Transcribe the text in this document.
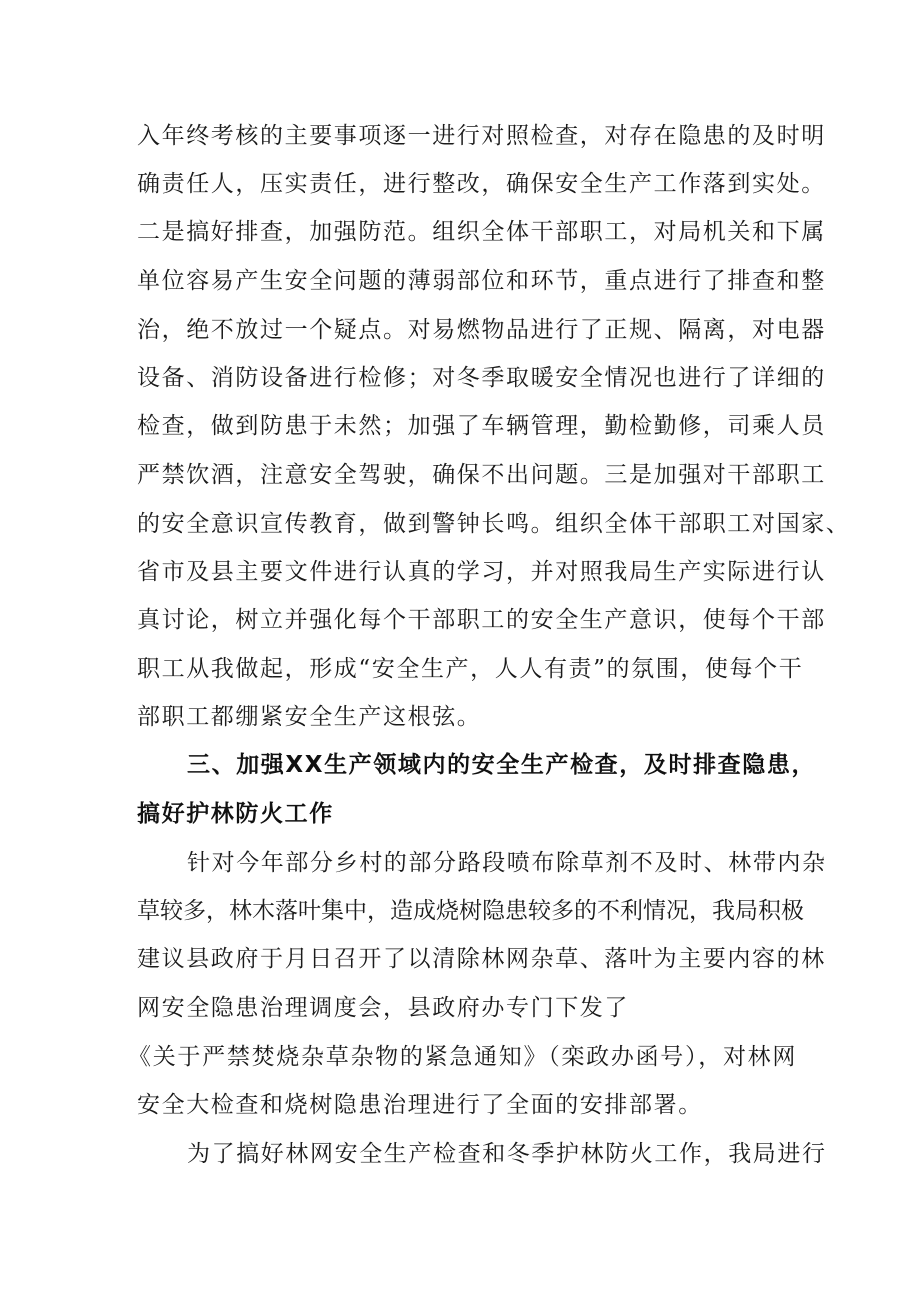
入年终考核的主要事项逐一进行对照检查，对存在隐患的及时明

确责任人，压实责任，进行整改，确保安全生产工作落到实处。

二是搞好排查，加强防范。组织全体干部职工，对局机关和下属

单位容易产生安全问题的薄弱部位和环节，重点进行了排查和整

治，绝不放过一个疑点。对易燃物品进行了正规、隔离，对电器

设备、消防设备进行检修；对冬季取暖安全情况也进行了详细的

检查，做到防患于未然；加强了车辆管理，勤检勤修，司乘人员

严禁饮酒，注意安全驾驶，确保不出问题。三是加强对干部职工

的安全意识宣传教育，做到警钟长鸣。组织全体干部职工对国家、

省市及县主要文件进行认真的学习，并对照我局生产实际进行认

真讨论，树立并强化每个干部职工的安全生产意识，使每个干部

职工从我做起，形成“安全生产，人人有责”的氛围，使每个干

部职工都绷紧安全生产这根弦。

三、加强XX生产领域内的安全生产检查，及时排查隐患，

搞好护林防火工作

针对今年部分乡村的部分路段喷布除草剂不及时、林带内杂

草较多，林木落叶集中，造成烧树隐患较多的不利情况，我局积极

建议县政府于月日召开了以清除林网杂草、落叶为主要内容的林

网安全隐患治理调度会，县政府办专门下发了

《关于严禁焚烧杂草杂物的紧急通知》（栾政办函号），对林网

安全大检查和烧树隐患治理进行了全面的安排部署。

为了搞好林网安全生产检查和冬季护林防火工作，我局进行
